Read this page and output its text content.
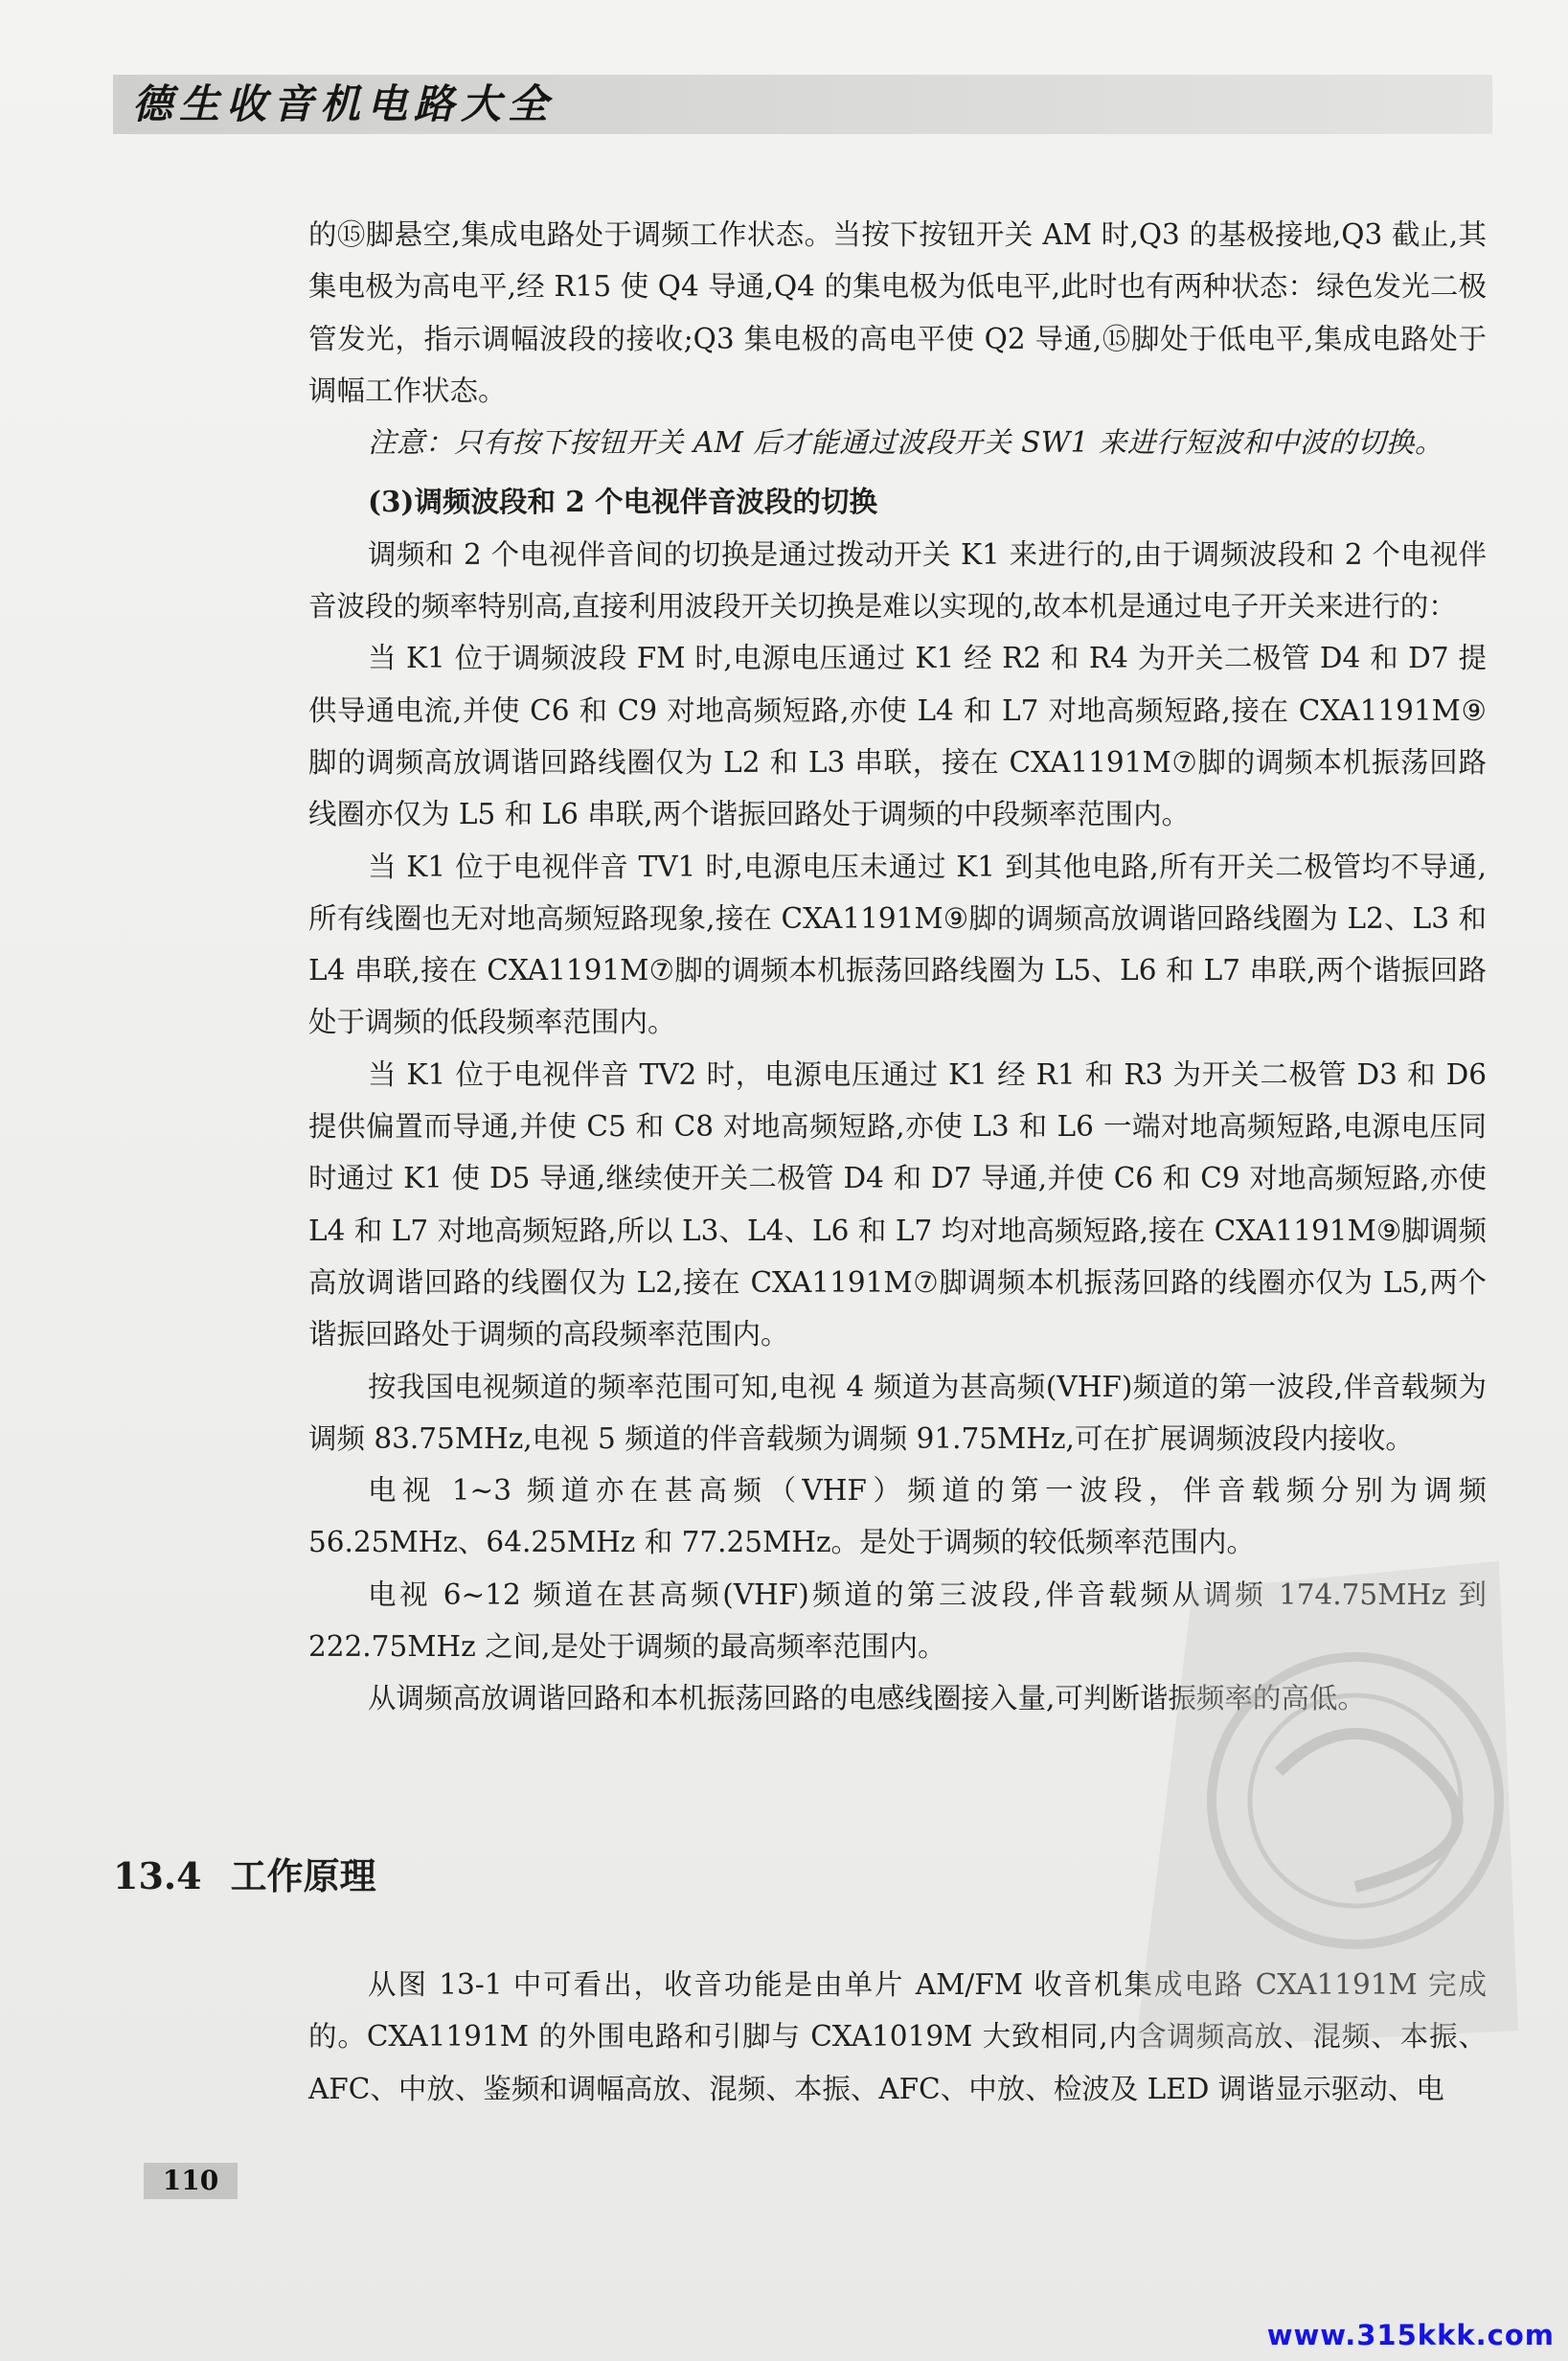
德生收音机电路大全

的⑮脚悬空,集成电路处于调频工作状态。当按下按钮开关 AM 时,Q3 的基极接地,Q3 截止,其集电极为高电平,经 R15 使 Q4 导通,Q4 的集电极为低电平,此时也有两种状态：绿色发光二极管发光，指示调幅波段的接收;Q3 集电极的高电平使 Q2 导通,⑮脚处于低电平,集成电路处于调幅工作状态。

注意：只有按下按钮开关 AM 后才能通过波段开关 SW1 来进行短波和中波的切换。

(3)调频波段和 2 个电视伴音波段的切换

调频和 2 个电视伴音间的切换是通过拨动开关 K1 来进行的,由于调频波段和 2 个电视伴音波段的频率特别高,直接利用波段开关切换是难以实现的,故本机是通过电子开关来进行的：

当 K1 位于调频波段 FM 时,电源电压通过 K1 经 R2 和 R4 为开关二极管 D4 和 D7 提供导通电流,并使 C6 和 C9 对地高频短路,亦使 L4 和 L7 对地高频短路,接在 CXA1191M⑨脚的调频高放调谐回路线圈仅为 L2 和 L3 串联，接在 CXA1191M⑦脚的调频本机振荡回路线圈亦仅为 L5 和 L6 串联,两个谐振回路处于调频的中段频率范围内。

当 K1 位于电视伴音 TV1 时,电源电压未通过 K1 到其他电路,所有开关二极管均不导通,所有线圈也无对地高频短路现象,接在 CXA1191M⑨脚的调频高放调谐回路线圈为 L2、L3 和 L4 串联,接在 CXA1191M⑦脚的调频本机振荡回路线圈为 L5、L6 和 L7 串联,两个谐振回路处于调频的低段频率范围内。

当 K1 位于电视伴音 TV2 时，电源电压通过 K1 经 R1 和 R3 为开关二极管 D3 和 D6 提供偏置而导通,并使 C5 和 C8 对地高频短路,亦使 L3 和 L6 一端对地高频短路,电源电压同时通过 K1 使 D5 导通,继续使开关二极管 D4 和 D7 导通,并使 C6 和 C9 对地高频短路,亦使 L4 和 L7 对地高频短路,所以 L3、L4、L6 和 L7 均对地高频短路,接在 CXA1191M⑨脚调频高放调谐回路的线圈仅为 L2,接在 CXA1191M⑦脚调频本机振荡回路的线圈亦仅为 L5,两个谐振回路处于调频的高段频率范围内。

按我国电视频道的频率范围可知,电视 4 频道为甚高频(VHF)频道的第一波段,伴音载频为调频 83.75MHz,电视 5 频道的伴音载频为调频 91.75MHz,可在扩展调频波段内接收。

电视 1~3 频道亦在甚高频（VHF）频道的第一波段，伴音载频分别为调频 56.25MHz、64.25MHz 和 77.25MHz。是处于调频的较低频率范围内。

电视 6~12 频道在甚高频(VHF)频道的第三波段,伴音载频从调频 174.75MHz 到 222.75MHz 之间,是处于调频的最高频率范围内。

从调频高放调谐回路和本机振荡回路的电感线圈接入量,可判断谐振频率的高低。

13.4 工作原理

从图 13-1 中可看出，收音功能是由单片 AM/FM 收音机集成电路 CXA1191M 完成的。CXA1191M 的外围电路和引脚与 CXA1019M 大致相同,内含调频高放、混频、本振、AFC、中放、鉴频和调幅高放、混频、本振、AFC、中放、检波及 LED 调谐显示驱动、电

110
www.315kkk.com
